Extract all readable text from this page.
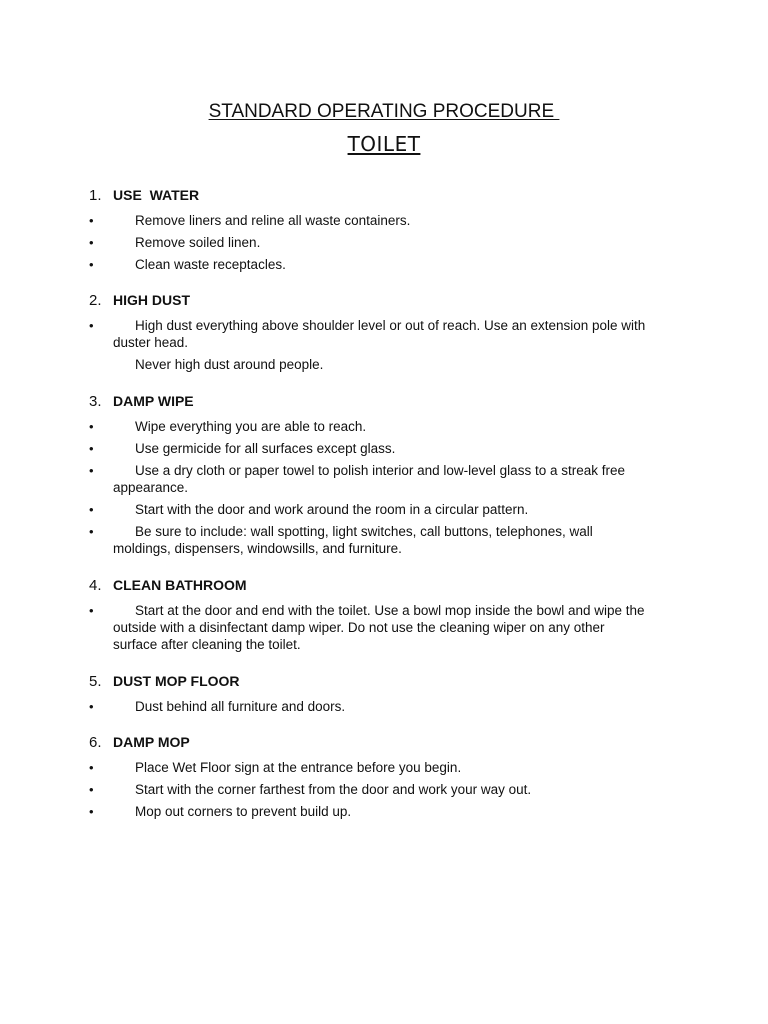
STANDARD OPERATING PROCEDURE
TOILET
1. USE  WATER
•	Remove liners and reline all waste containers.
•	Remove soiled linen.
•	Clean waste receptacles.
2. HIGH DUST
•	High dust everything above shoulder level or out of reach. Use an extension pole with duster head.
Never high dust around people.
3. DAMP WIPE
•	Wipe everything you are able to reach.
•	Use germicide for all surfaces except glass.
•	Use a dry cloth or paper towel to polish interior and low-level glass to a streak free appearance.
•	Start with the door and work around the room in a circular pattern.
•	Be sure to include: wall spotting, light switches, call buttons, telephones, wall moldings, dispensers, windowsills, and furniture.
4. CLEAN BATHROOM
•	Start at the door and end with the toilet. Use a bowl mop inside the bowl and wipe the outside with a disinfectant damp wiper. Do not use the cleaning wiper on any other surface after cleaning the toilet.
5. DUST MOP FLOOR
•	Dust behind all furniture and doors.
6. DAMP MOP
•	Place Wet Floor sign at the entrance before you begin.
•	Start with the corner farthest from the door and work your way out.
•	Mop out corners to prevent build up.
